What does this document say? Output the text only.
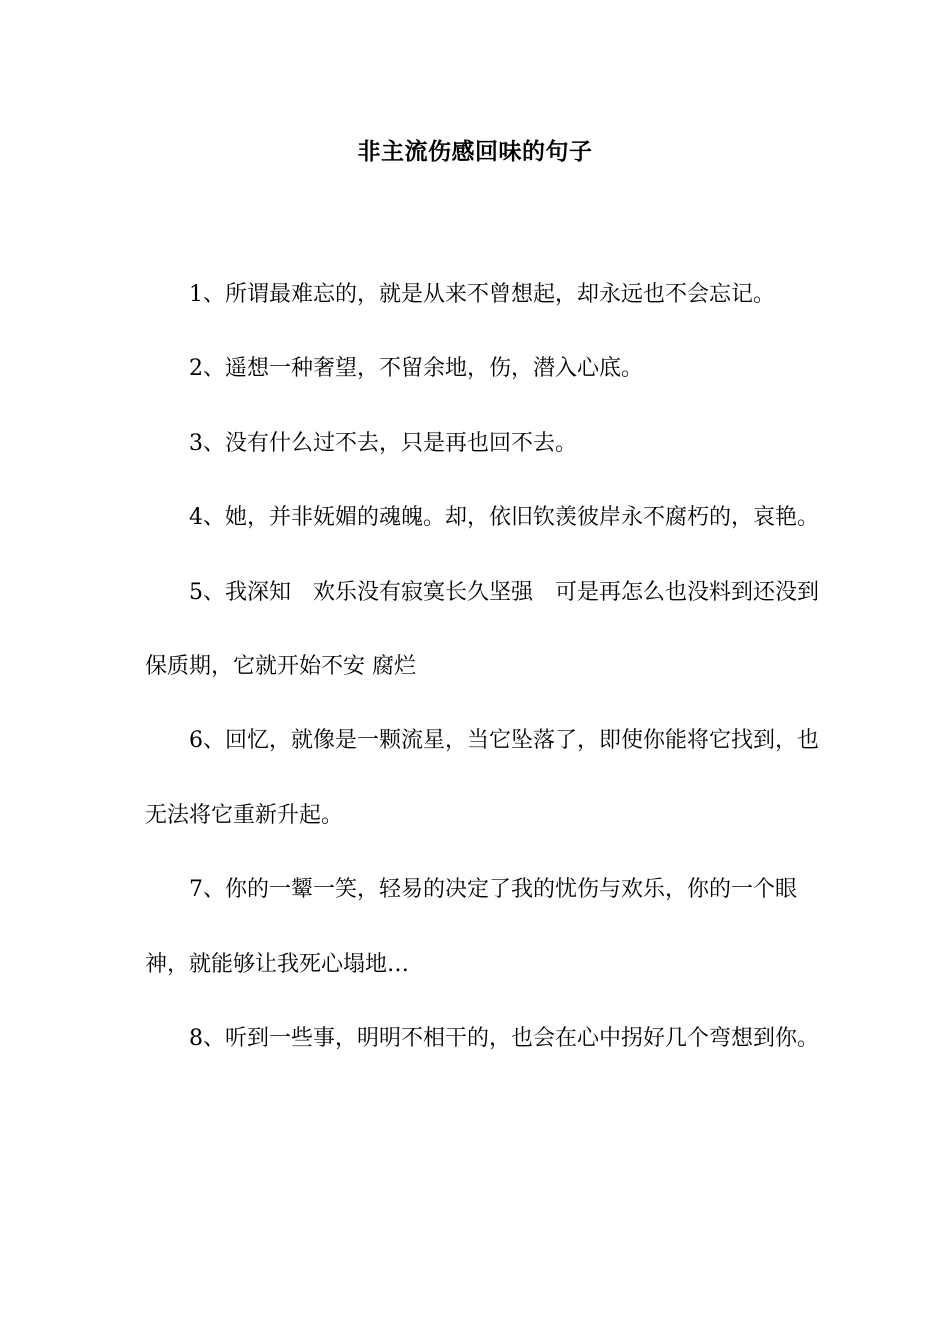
非主流伤感回味的句子

1、所谓最难忘的，就是从来不曾想起，却永远也不会忘记。

2、遥想一种奢望，不留余地，伤，潜入心底。

3、没有什么过不去，只是再也回不去。

4、她，并非妩媚的魂魄。却，依旧钦羡彼岸永不腐朽的，哀艳。

5、我深知　欢乐没有寂寞长久坚强　可是再怎么也没料到还没到保质期，它就开始不安 腐烂

6、回忆，就像是一颗流星，当它坠落了，即使你能将它找到，也无法将它重新升起。

7、你的一颦一笑，轻易的决定了我的忧伤与欢乐，你的一个眼神，就能够让我死心塌地…

8、听到一些事，明明不相干的，也会在心中拐好几个弯想到你。
